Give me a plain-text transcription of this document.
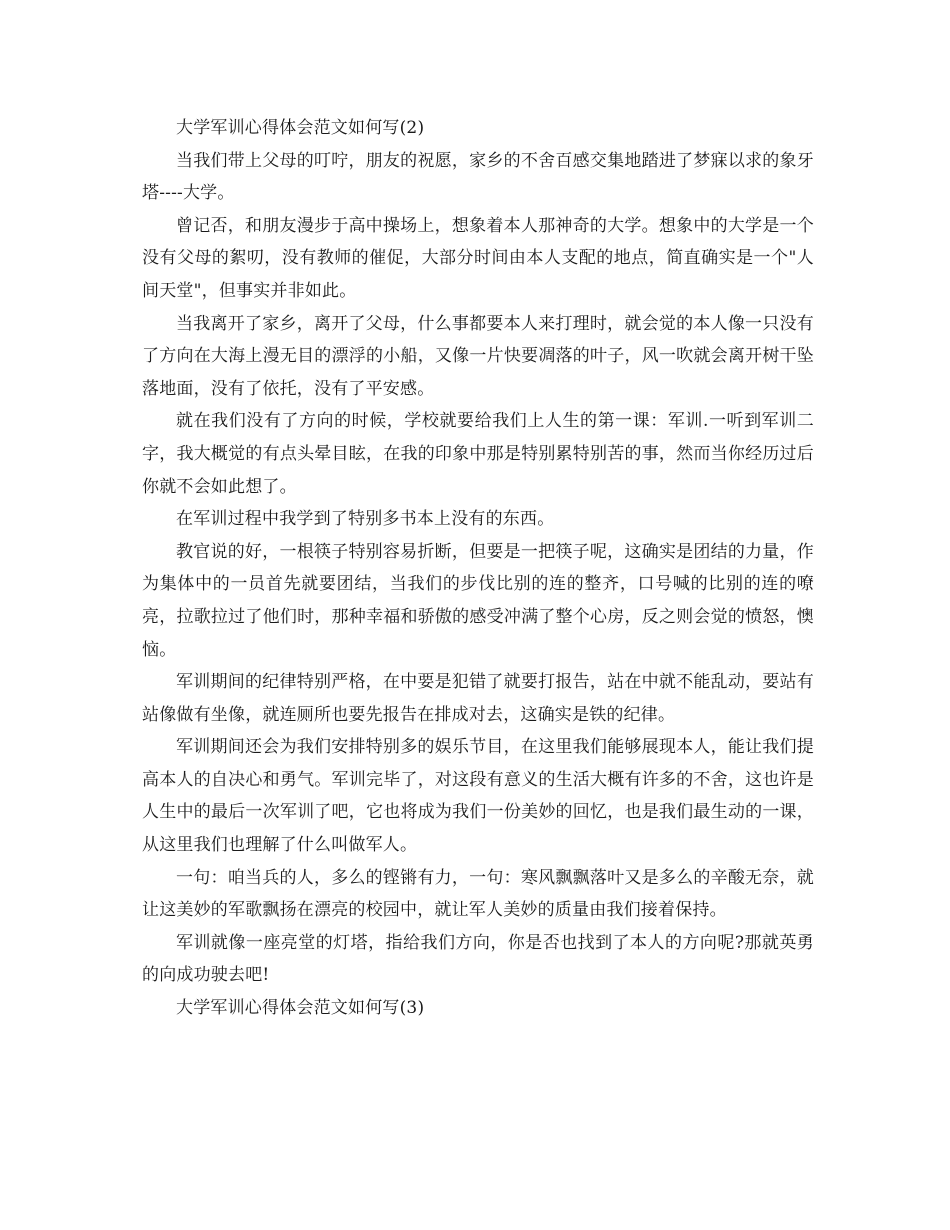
大学军训心得体会范文如何写(2)

当我们带上父母的叮咛，朋友的祝愿，家乡的不舍百感交集地踏进了梦寐以求的象牙塔----大学。

曾记否，和朋友漫步于高中操场上，想象着本人那神奇的大学。想象中的大学是一个没有父母的絮叨，没有教师的催促，大部分时间由本人支配的地点，简直确实是一个"人间天堂"，但事实并非如此。

当我离开了家乡，离开了父母，什么事都要本人来打理时，就会觉的本人像一只没有了方向在大海上漫无目的漂浮的小船，又像一片快要凋落的叶子，风一吹就会离开树干坠落地面，没有了依托，没有了平安感。

就在我们没有了方向的时候，学校就要给我们上人生的第一课：军训.一听到军训二字，我大概觉的有点头晕目眩，在我的印象中那是特别累特别苦的事，然而当你经历过后你就不会如此想了。

在军训过程中我学到了特别多书本上没有的东西。

教官说的好，一根筷子特别容易折断，但要是一把筷子呢，这确实是团结的力量，作为集体中的一员首先就要团结，当我们的步伐比别的连的整齐，口号喊的比别的连的嘹亮，拉歌拉过了他们时，那种幸福和骄傲的感受冲满了整个心房，反之则会觉的愤怒，懊恼。

军训期间的纪律特别严格，在中要是犯错了就要打报告，站在中就不能乱动，要站有站像做有坐像，就连厕所也要先报告在排成对去，这确实是铁的纪律。

军训期间还会为我们安排特别多的娱乐节目，在这里我们能够展现本人，能让我们提高本人的自决心和勇气。军训完毕了，对这段有意义的生活大概有许多的不舍，这也许是人生中的最后一次军训了吧，它也将成为我们一份美妙的回忆，也是我们最生动的一课，从这里我们也理解了什么叫做军人。

一句：咱当兵的人，多么的铿锵有力，一句：寒风飘飘落叶又是多么的辛酸无奈，就让这美妙的军歌飘扬在漂亮的校园中，就让军人美妙的质量由我们接着保持。

军训就像一座亮堂的灯塔，指给我们方向，你是否也找到了本人的方向呢?那就英勇的向成功驶去吧!

大学军训心得体会范文如何写(3)
